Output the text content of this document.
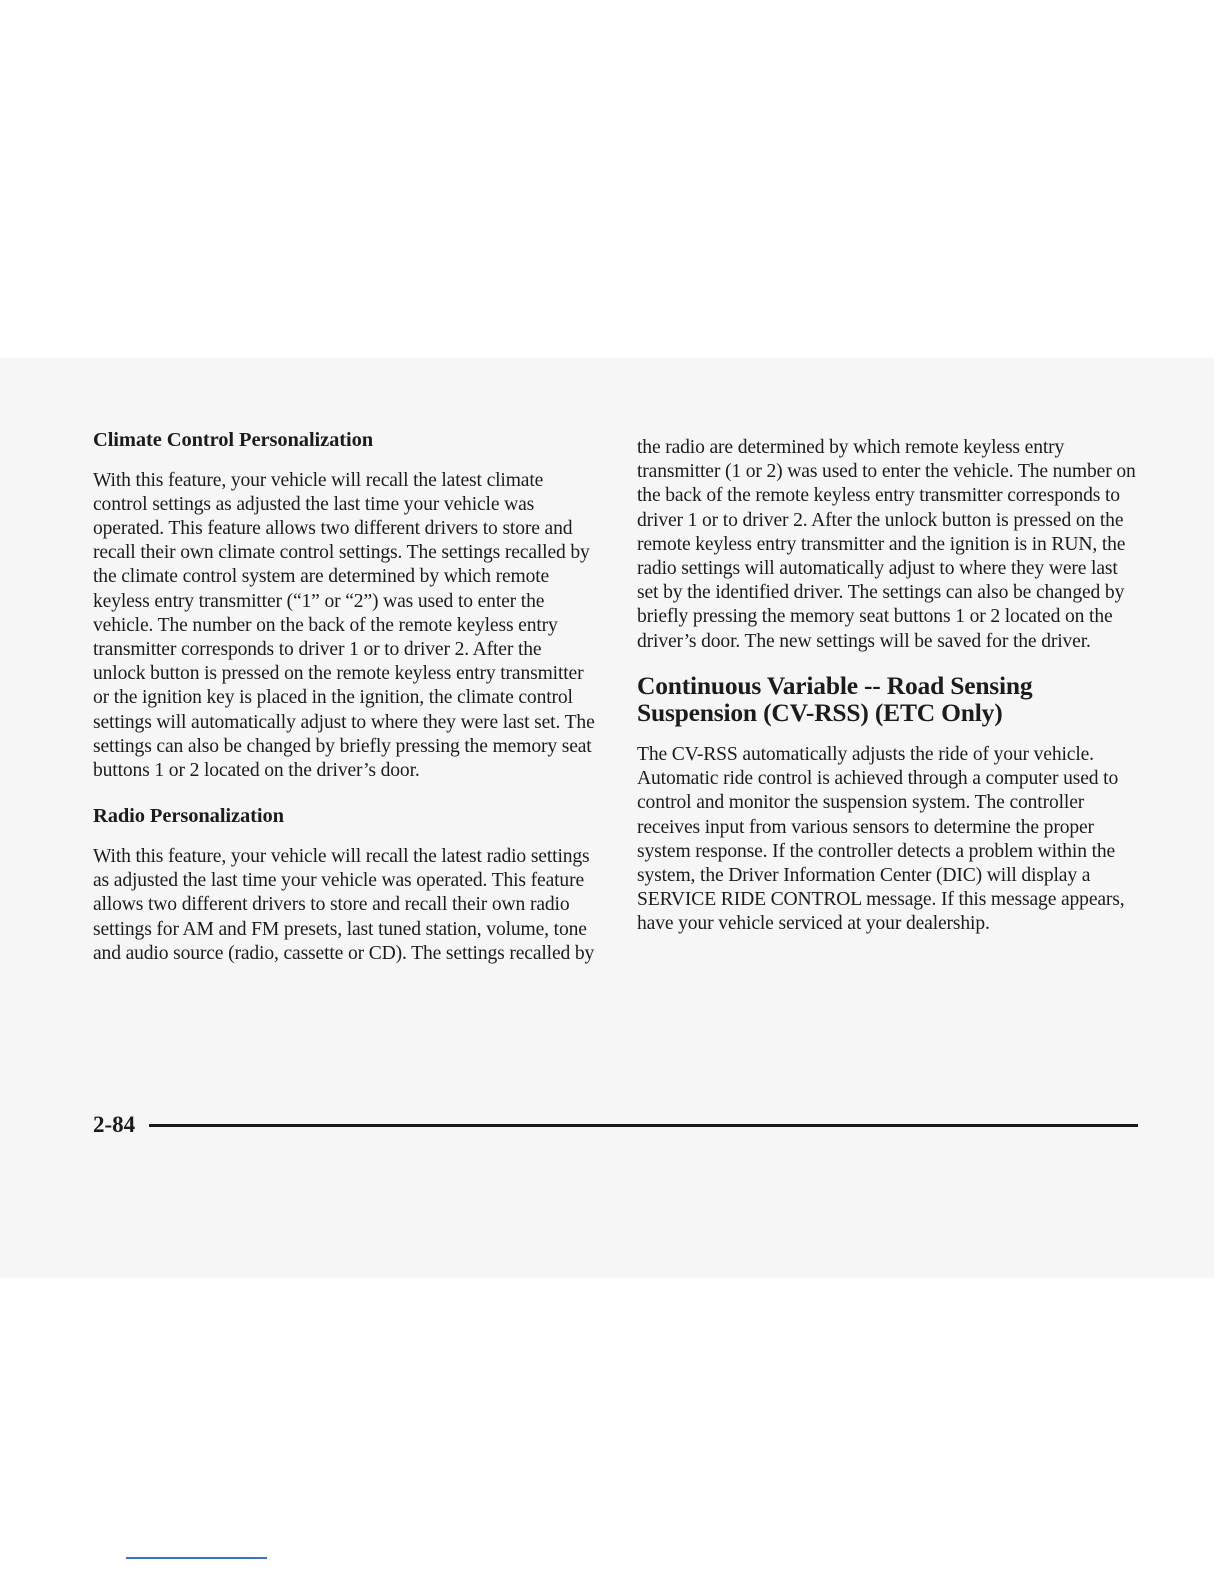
Climate Control Personalization

With this feature, your vehicle will recall the latest climate control settings as adjusted the last time your vehicle was operated. This feature allows two different drivers to store and recall their own climate control settings. The settings recalled by the climate control system are determined by which remote keyless entry transmitter (“1” or “2”) was used to enter the vehicle. The number on the back of the remote keyless entry transmitter corresponds to driver 1 or to driver 2. After the unlock button is pressed on the remote keyless entry transmitter or the ignition key is placed in the ignition, the climate control settings will automatically adjust to where they were last set. The settings can also be changed by briefly pressing the memory seat buttons 1 or 2 located on the driver’s door.

Radio Personalization

With this feature, your vehicle will recall the latest radio settings as adjusted the last time your vehicle was operated. This feature allows two different drivers to store and recall their own radio settings for AM and FM presets, last tuned station, volume, tone and audio source (radio, cassette or CD). The settings recalled by

the radio are determined by which remote keyless entry transmitter (1 or 2) was used to enter the vehicle. The number on the back of the remote keyless entry transmitter corresponds to driver 1 or to driver 2. After the unlock button is pressed on the remote keyless entry transmitter and the ignition is in RUN, the radio settings will automatically adjust to where they were last set by the identified driver. The settings can also be changed by briefly pressing the memory seat buttons 1 or 2 located on the driver’s door. The new settings will be saved for the driver.

Continuous Variable -- Road Sensing Suspension (CV-RSS) (ETC Only)

The CV-RSS automatically adjusts the ride of your vehicle. Automatic ride control is achieved through a computer used to control and monitor the suspension system. The controller receives input from various sensors to determine the proper system response. If the controller detects a problem within the system, the Driver Information Center (DIC) will display a SERVICE RIDE CONTROL message. If this message appears, have your vehicle serviced at your dealership.

2-84
